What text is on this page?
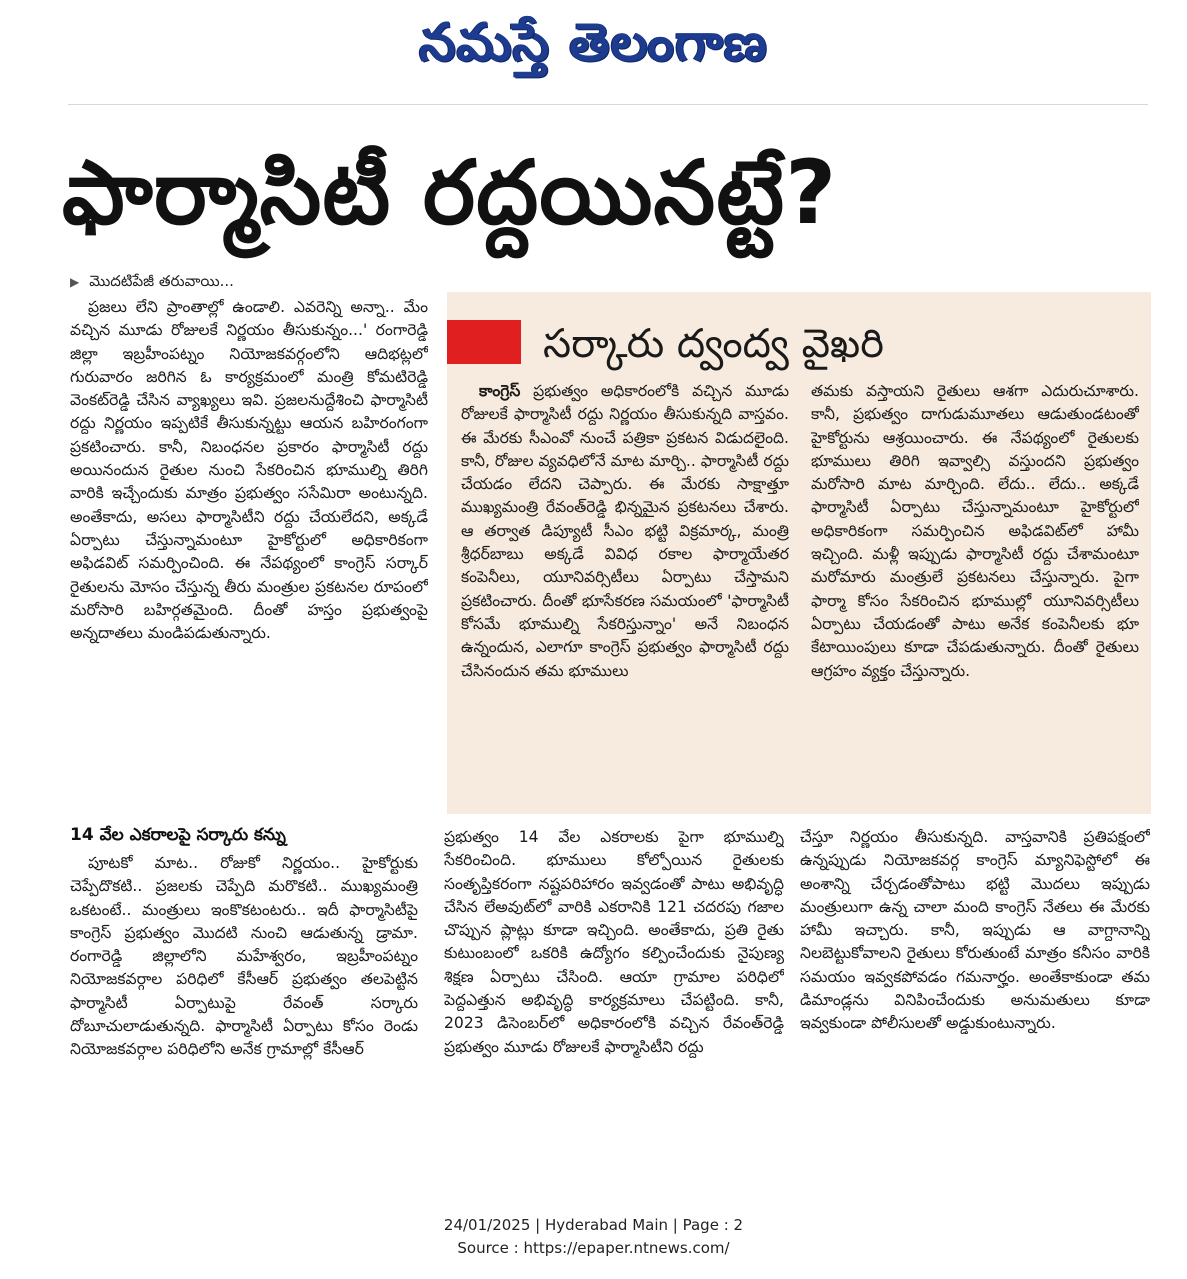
నమస్తే తెలంగాణ
ఫార్మాసిటీ రద్దయినట్టే?
▶ మొదటిపేజీ తరువాయి...

ప్రజలు లేని ప్రాంతాల్లో ఉండాలి. ఎవరెన్ని అన్నా.. మేం వచ్చిన మూడు రోజులకే నిర్ణయం తీసుకున్నం...' రంగారెడ్డి జిల్లా ఇబ్రహీంపట్నం నియోజకవర్గంలోని ఆదిభట్లలో గురువారం జరిగిన ఓ కార్యక్రమంలో మంత్రి కోమటిరెడ్డి వెంకట్‌రెడ్డి చేసిన వ్యాఖ్యలు ఇవి. ప్రజలనుద్దేశించి ఫార్మాసిటీ రద్దు నిర్ణయం ఇప్పటికే తీసుకున్నట్టు ఆయన బహిరంగంగా ప్రకటించారు. కానీ, నిబంధనల ప్రకారం ఫార్మాసిటీ రద్దు అయినందున రైతుల నుంచి సేకరించిన భూముల్ని తిరిగి వారికి ఇచ్చేందుకు మాత్రం ప్రభుత్వం ససేమిరా అంటున్నది. అంతేకాదు, అసలు ఫార్మాసిటీని రద్దు చేయలేదని, అక్కడే ఏర్పాటు చేస్తున్నామంటూ హైకోర్టులో అధికారికంగా అఫిడవిట్ సమర్పించింది. ఈ నేపథ్యంలో కాంగ్రెస్ సర్కార్ రైతులను మోసం చేస్తున్న తీరు మంత్రుల ప్రకటనల రూపంలో మరోసారి బహిర్గతమైంది. దీంతో హస్తం ప్రభుత్వంపై అన్నదాతలు మండిపడుతున్నారు.

సర్కారు ద్వంద్వ వైఖరి

కాంగ్రెస్ ప్రభుత్వం అధికారంలోకి వచ్చిన మూడు రోజులకే ఫార్మాసిటీ రద్దు నిర్ణయం తీసుకున్నది వాస్తవం. ఈ మేరకు సీఎంవో నుంచే పత్రికా ప్రకటన విడుదలైంది. కానీ, రోజుల వ్యవధిలోనే మాట మార్చి.. ఫార్మాసిటీ రద్దు చేయడం లేదని చెప్పారు. ఈ మేరకు సాక్షాత్తూ ముఖ్యమంత్రి రేవంత్‌రెడ్డి భిన్నమైన ప్రకటనలు చేశారు. ఆ తర్వాత డిప్యూటీ సీఎం భట్టి విక్రమార్క, మంత్రి శ్రీధర్‌బాబు అక్కడే వివిధ రకాల ఫార్మాయేతర కంపెనీలు, యూనివర్సిటీలు ఏర్పాటు చేస్తామని ప్రకటించారు. దీంతో భూసేకరణ సమయంలో 'ఫార్మాసిటీ కోసమే భూముల్ని సేకరిస్తున్నాం' అనే నిబంధన ఉన్నందున, ఎలాగూ కాంగ్రెస్ ప్రభుత్వం ఫార్మాసిటీ రద్దు చేసినందున తమ భూములు

తమకు వస్తాయని రైతులు ఆశగా ఎదురుచూశారు. కానీ, ప్రభుత్వం దాగుడుమూతలు ఆడుతుండటంతో హైకోర్టును ఆశ్రయించారు. ఈ నేపథ్యంలో రైతులకు భూములు తిరిగి ఇవ్వాల్సి వస్తుందని ప్రభుత్వం మరోసారి మాట మార్చింది. లేదు.. లేదు.. అక్కడే ఫార్మాసిటీ ఏర్పాటు చేస్తున్నామంటూ హైకోర్టులో అధికారికంగా సమర్పించిన అఫిడవిట్‌లో హామీ ఇచ్చింది. మళ్లీ ఇప్పుడు ఫార్మాసిటీ రద్దు చేశామంటూ మరోమారు మంత్రులే ప్రకటనలు చేస్తున్నారు. పైగా ఫార్మా కోసం సేకరించిన భూముల్లో యూనివర్సిటీలు ఏర్పాటు చేయడంతో పాటు అనేక కంపెనీలకు భూ కేటాయింపులు కూడా చేపడుతున్నారు. దీంతో రైతులు ఆగ్రహం వ్యక్తం చేస్తున్నారు.

14 వేల ఎకరాలపై సర్కారు కన్ను

పూటకో మాట.. రోజుకో నిర్ణయం.. హైకోర్టుకు చెప్పేదొకటి.. ప్రజలకు చెప్పేది మరొకటి.. ముఖ్యమంత్రి ఒకటంటే.. మంత్రులు ఇంకొకటంటరు.. ఇదీ ఫార్మాసిటీపై కాంగ్రెస్ ప్రభుత్వం మొదటి నుంచి ఆడుతున్న డ్రామా. రంగారెడ్డి జిల్లాలోని మహేశ్వరం, ఇబ్రహీంపట్నం నియోజకవర్గాల పరిధిలో కేసీఆర్ ప్రభుత్వం తలపెట్టిన ఫార్మాసిటీ ఏర్పాటుపై రేవంత్ సర్కారు దోబూచులాడుతున్నది. ఫార్మాసిటీ ఏర్పాటు కోసం రెండు నియోజకవర్గాల పరిధిలోని అనేక గ్రామాల్లో కేసీఆర్

ప్రభుత్వం 14 వేల ఎకరాలకు పైగా భూముల్ని సేకరించింది. భూములు కోల్పోయిన రైతులకు సంతృప్తికరంగా నష్టపరిహారం ఇవ్వడంతో పాటు అభివృద్ధి చేసిన లేఅవుట్‌లో వారికి ఎకరానికి 121 చదరపు గజాల చొప్పున ప్లాట్లు కూడా ఇచ్చింది. అంతేకాదు, ప్రతి రైతు కుటుంబంలో ఒకరికి ఉద్యోగం కల్పించేందుకు నైపుణ్య శిక్షణ ఏర్పాటు చేసింది. ఆయా గ్రామాల పరిధిలో పెద్దఎత్తున అభివృద్ధి కార్యక్రమాలు చేపట్టింది. కానీ, 2023 డిసెంబర్‌లో అధికారంలోకి వచ్చిన రేవంత్‌రెడ్డి ప్రభుత్వం మూడు రోజులకే ఫార్మాసిటీని రద్దు

చేస్తూ నిర్ణయం తీసుకున్నది. వాస్తవానికి ప్రతిపక్షంలో ఉన్నప్పుడు నియోజకవర్గ కాంగ్రెస్ మ్యానిఫెస్టోలో ఈ అంశాన్ని చేర్చడంతోపాటు భట్టి మొదలు ఇప్పుడు మంత్రులుగా ఉన్న చాలా మంది కాంగ్రెస్ నేతలు ఈ మేరకు హామీ ఇచ్చారు. కానీ, ఇప్పుడు ఆ వాగ్దానాన్ని నిలబెట్టుకోవాలని రైతులు కోరుతుంటే మాత్రం కనీసం వారికి సమయం ఇవ్వకపోవడం గమనార్హం. అంతేకాకుండా తమ డిమాండ్లను వినిపించేందుకు అనుమతులు కూడా ఇవ్వకుండా పోలీసులతో అడ్డుకుంటున్నారు.

24/01/2025 | Hyderabad Main | Page : 2
Source : https://epaper.ntnews.com/
